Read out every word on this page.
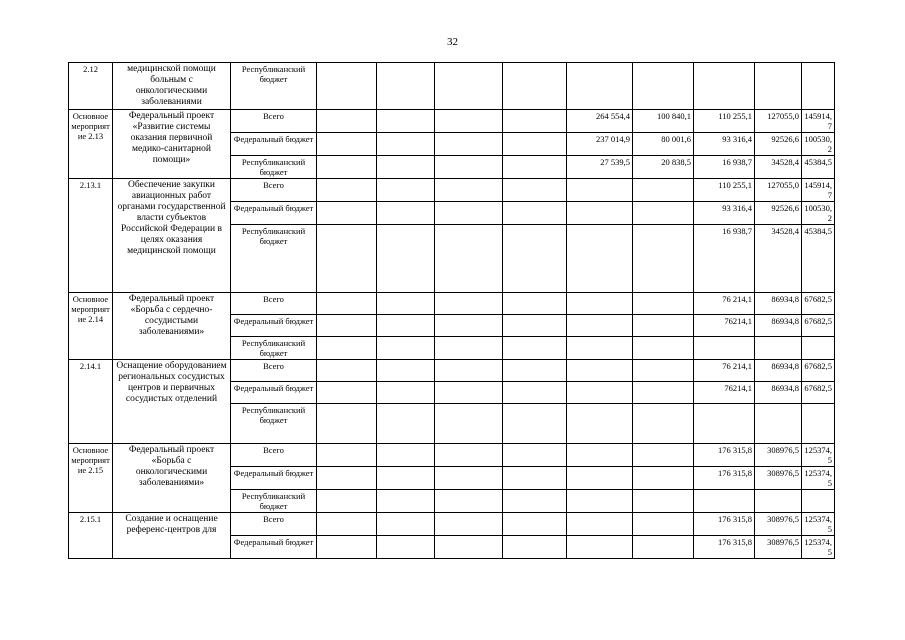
32
2.12	медицинской помощи больным с онкологическими заболеваниями	Республиканский бюджет									
Основное мероприятие 2.13	Федеральный проект «Развитие системы оказания первичной медико-санитарной помощи»	Всего					264 554,4	100 840,1	110 255,1	127055,0	145914,7
		Федеральный бюджет					237 014,9	80 001,6	93 316,4	92526,6	100530,2
		Республиканский бюджет					27 539,5	20 838,5	16 938,7	34528,4	45384,5
2.13.1	Обеспечение закупки авиационных работ органами государственной власти субъектов Российской Федерации в целях оказания медицинской помощи	Всего							110 255,1	127055,0	145914,7
		Федеральный бюджет							93 316,4	92526,6	100530,2
		Республиканский бюджет							16 938,7	34528,4	45384,5
Основное мероприятие 2.14	Федеральный проект «Борьба с сердечно-сосудистыми заболеваниями»	Всего							76 214,1	86934,8	67682,5
		Федеральный бюджет							76214,1	86934,8	67682,5
		Республиканский бюджет									
2.14.1	Оснащение оборудованием региональных сосудистых центров и первичных сосудистых отделений	Всего							76 214,1	86934,8	67682,5
		Федеральный бюджет							76214,1	86934,8	67682,5
		Республиканский бюджет									
Основное мероприятие 2.15	Федеральный проект «Борьба с онкологическими заболеваниями»	Всего							176 315,8	308976,5	125374,5
		Федеральный бюджет							176 315,8	308976,5	125374,5
		Республиканский бюджет									
2.15.1	Создание и оснащение референс-центров для	Всего							176 315,8	308976,5	125374,5
		Федеральный бюджет							176 315,8	308976,5	125374,5
